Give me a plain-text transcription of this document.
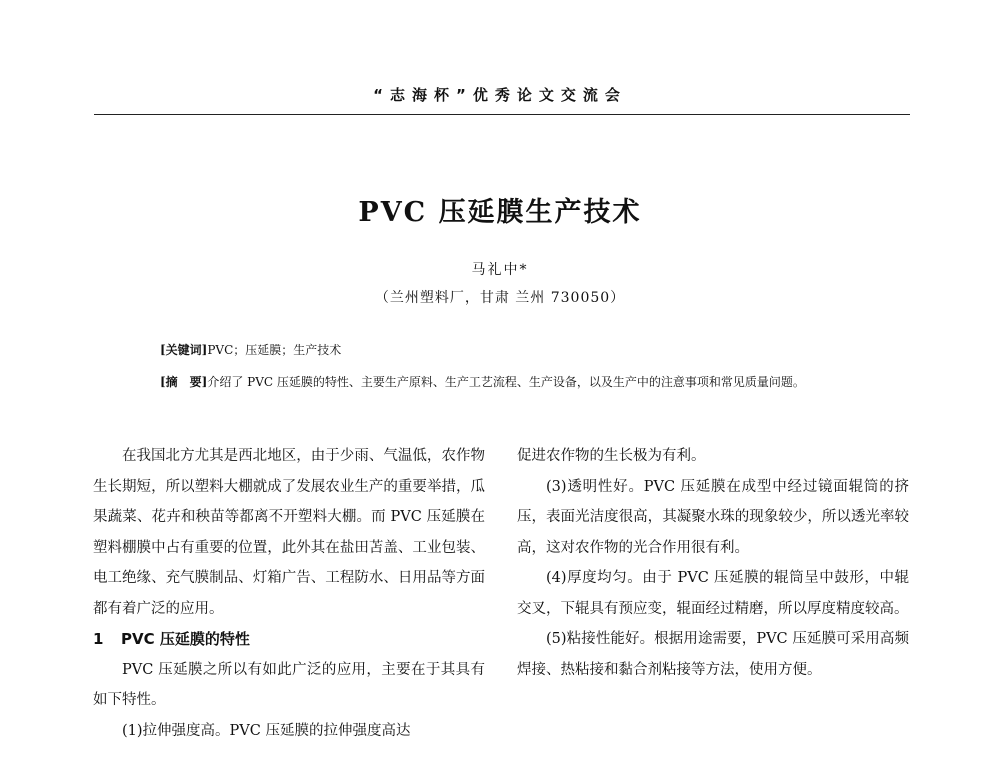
“志海杯”优秀论文交流会
PVC 压延膜生产技术
马礼中*
（兰州塑料厂，甘肃 兰州 730050）
[关键词]PVC；压延膜；生产技术
[摘　要]介绍了 PVC 压延膜的特性、主要生产原料、生产工艺流程、生产设备，以及生产中的注意事项和常见质量问题。

在我国北方尤其是西北地区，由于少雨、气温低，农作物生长期短，所以塑料大棚就成了发展农业生产的重要举措，瓜果蔬菜、花卉和秧苗等都离不开塑料大棚。而 PVC 压延膜在塑料棚膜中占有重要的位置，此外其在盐田苫盖、工业包装、电工绝缘、充气膜制品、灯箱广告、工程防水、日用品等方面都有着广泛的应用。

1 PVC 压延膜的特性

PVC 压延膜之所以有如此广泛的应用，主要在于其具有如下特性。

(1)拉伸强度高。PVC 压延膜的拉伸强度高达

促进农作物的生长极为有利。

(3)透明性好。PVC 压延膜在成型中经过镜面辊筒的挤压，表面光洁度很高，其凝聚水珠的现象较少，所以透光率较高，这对农作物的光合作用很有利。

(4)厚度均匀。由于 PVC 压延膜的辊筒呈中鼓形，中辊交叉，下辊具有预应变，辊面经过精磨，所以厚度精度较高。

(5)粘接性能好。根据用途需要，PVC 压延膜可采用高频焊接、热粘接和黏合剂粘接等方法，使用方便。
